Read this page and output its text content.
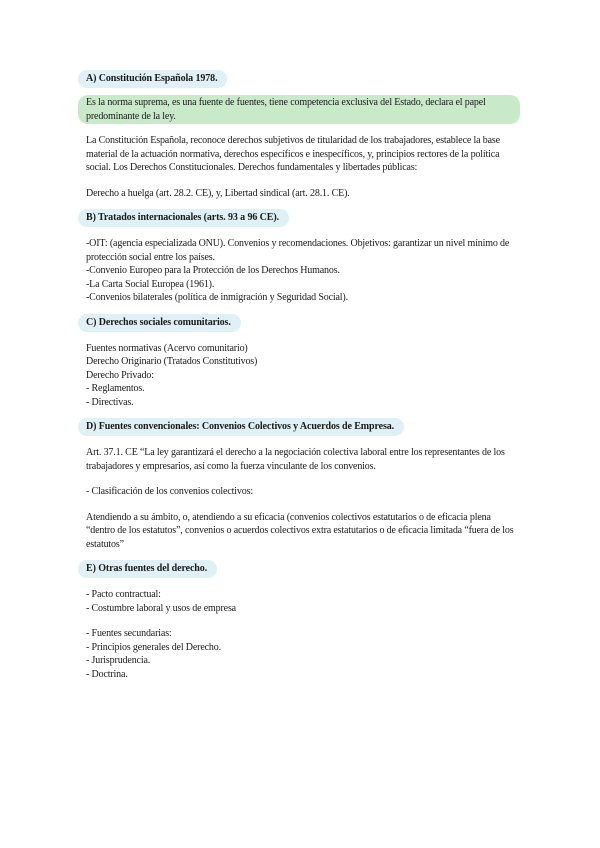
A) Constitución Española 1978.

Es la norma suprema, es una fuente de fuentes, tiene competencia exclusiva del Estado, declara el papel predominante de la ley.

La Constitución Española, reconoce derechos subjetivos de titularidad de los trabajadores, establece la base material de la actuación normativa, derechos específicos e inespecíficos, y, principios rectores de la política social. Los Derechos Constitucionales. Derechos fundamentales y libertades públicas:

Derecho a huelga (art. 28.2. CE), y, Libertad sindical (art. 28.1. CE).

B) Tratados internacionales (arts. 93 a 96 CE).

-OIT: (agencia especializada ONU). Convenios y recomendaciones. Objetivos: garantizar un nivel mínimo de protección social entre los países.

-Convenio Europeo para la Protección de los Derechos Humanos.

-La Carta Social Europea (1961).

-Convenios bilaterales (política de inmigración y Seguridad Social).

C) Derechos sociales comunitarios.

Fuentes normativas (Acervo comunitario)

Derecho Originario (Tratados Constitutivos)

Derecho Privado:

- Reglamentos.

- Directivas.

D) Fuentes convencionales: Convenios Colectivos y Acuerdos de Empresa.

Art. 37.1. CE “La ley garantizará el derecho a la negociación colectiva laboral entre los representantes de los trabajadores y empresarios, así como la fuerza vinculante de los convenios.

- Clasificación de los convenios colectivos:

Atendiendo a su ámbito, o, atendiendo a su eficacia (convenios colectivos estatutarios o de eficacia plena “dentro de los estatutos”, convenios o acuerdos colectivos extra estatutarios o de eficacia limitada “fuera de los estatutos”

E) Otras fuentes del derecho.

- Pacto contractual:

- Costumbre laboral y usos de empresa

- Fuentes secundarias:

- Principios generales del Derecho.

- Jurisprudencia.

- Doctrina.
